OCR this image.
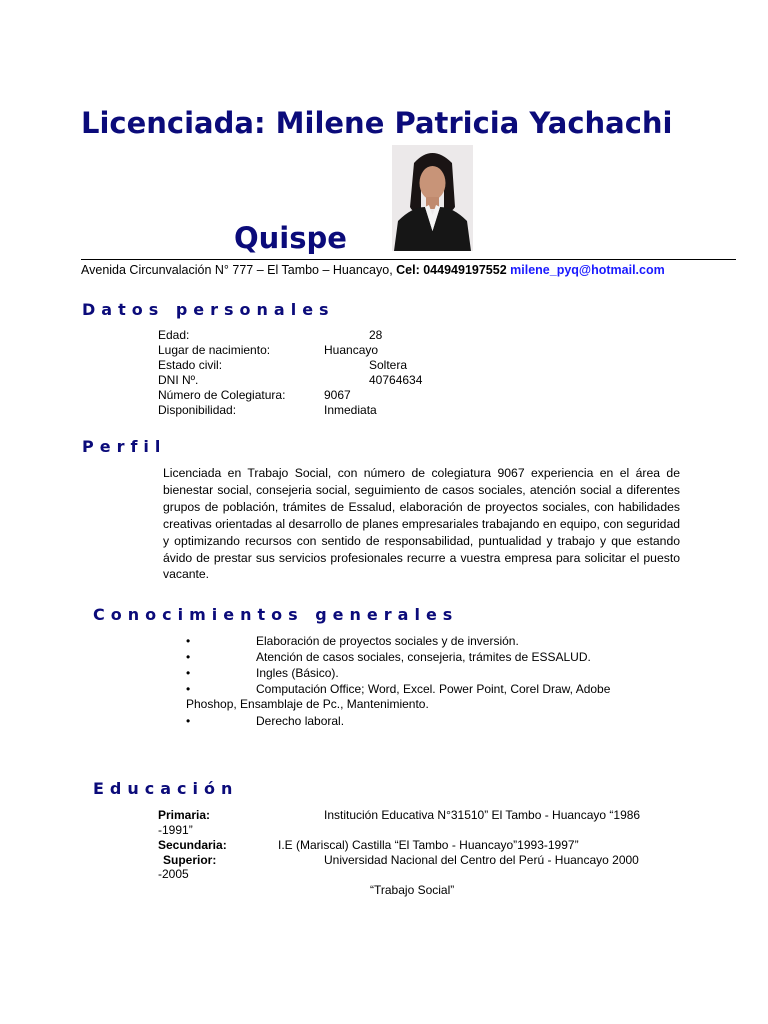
Licenciada: Milene Patricia Yachachi
Quispe
Avenida Circunvalación N° 777 – El Tambo – Huancayo, Cel: 044949197552 milene_pyq@hotmail.com
Datos personales
Edad:	28
Lugar de nacimiento:	Huancayo
Estado civil:	Soltera
DNI Nº.	40764634
Número de Colegiatura:	9067
Disponibilidad:	Inmediata
Perfil
Licenciada en Trabajo Social, con número de colegiatura 9067 experiencia en el área de bienestar social, consejeria social, seguimiento de casos sociales, atención social a diferentes grupos de población, trámites de Essalud, elaboración de proyectos sociales, con habilidades creativas orientadas al desarrollo de planes empresariales trabajando en equipo, con seguridad y optimizando recursos con sentido de responsabilidad, puntualidad y trabajo y que estando ávido de prestar sus servicios profesionales recurre a vuestra empresa para solicitar el puesto vacante.
Conocimientos generales
•	Elaboración de proyectos sociales y de inversión.
•	Atención de casos sociales, consejeria, trámites de ESSALUD.
•	Ingles (Básico).
•	Computación Office; Word, Excel. Power Point, Corel Draw, Adobe
Phoshop, Ensamblaje de Pc., Mantenimiento.
•	Derecho laboral.
Educación
Primaria:	Institución Educativa N°31510” El Tambo - Huancayo “1986
-1991”
Secundaria:	I.E (Mariscal) Castilla “El Tambo - Huancayo”1993-1997”
Superior:	Universidad Nacional del Centro del Perú - Huancayo 2000
-2005
“Trabajo Social”
